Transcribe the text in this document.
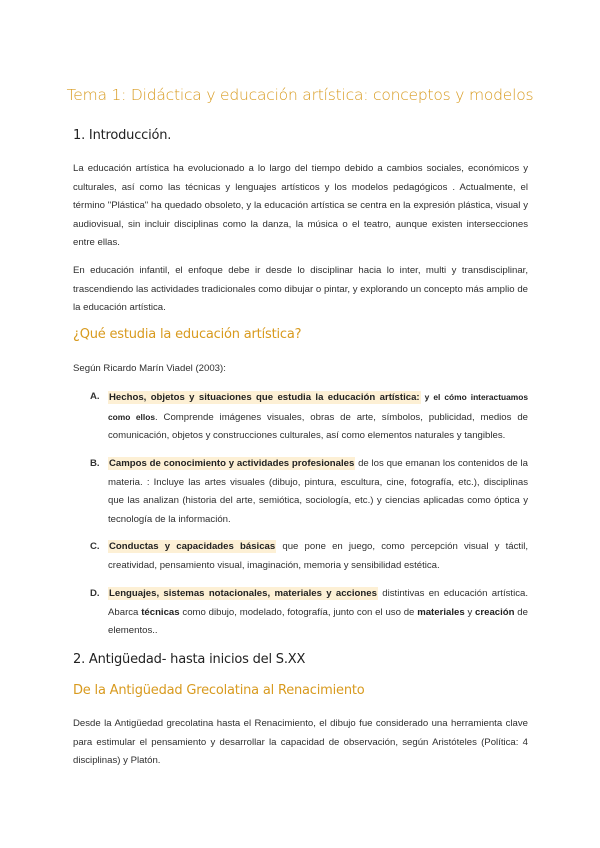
Tema 1: Didáctica y educación artística: conceptos y modelos
1. Introducción.
La educación artística ha evolucionado a lo largo del tiempo debido a cambios sociales, económicos y culturales, así como las técnicas y lenguajes artísticos y los modelos pedagógicos . Actualmente, el término "Plástica" ha quedado obsoleto, y la educación artística se centra en la expresión plástica, visual y audiovisual, sin incluir disciplinas como la danza, la música o el teatro, aunque existen intersecciones entre ellas.
En educación infantil, el enfoque debe ir desde lo disciplinar hacia lo inter, multi y transdisciplinar, trascendiendo las actividades tradicionales como dibujar o pintar, y explorando un concepto más amplio de la educación artística.
¿Qué estudia la educación artística?
Según Ricardo Marín Viadel (2003):
A. Hechos, objetos y situaciones que estudia la educación artística: y el cómo interactuamos como ellos. Comprende imágenes visuales, obras de arte, símbolos, publicidad, medios de comunicación, objetos y construcciones culturales, así como elementos naturales y tangibles.
B. Campos de conocimiento y actividades profesionales de los que emanan los contenidos de la materia. : Incluye las artes visuales (dibujo, pintura, escultura, cine, fotografía, etc.), disciplinas que las analizan (historia del arte, semiótica, sociología, etc.) y ciencias aplicadas como óptica y tecnología de la información.
C. Conductas y capacidades básicas que pone en juego, como percepción visual y táctil, creatividad, pensamiento visual, imaginación, memoria y sensibilidad estética.
D. Lenguajes, sistemas notacionales, materiales y acciones distintivas en educación artística. Abarca técnicas como dibujo, modelado, fotografía, junto con el uso de materiales y creación de elementos..
2. Antigüedad- hasta inicios del S.XX
De la Antigüedad Grecolatina al Renacimiento
Desde la Antigüedad grecolatina hasta el Renacimiento, el dibujo fue considerado una herramienta clave para estimular el pensamiento y desarrollar la capacidad de observación, según Aristóteles (Política: 4 disciplinas) y Platón.
